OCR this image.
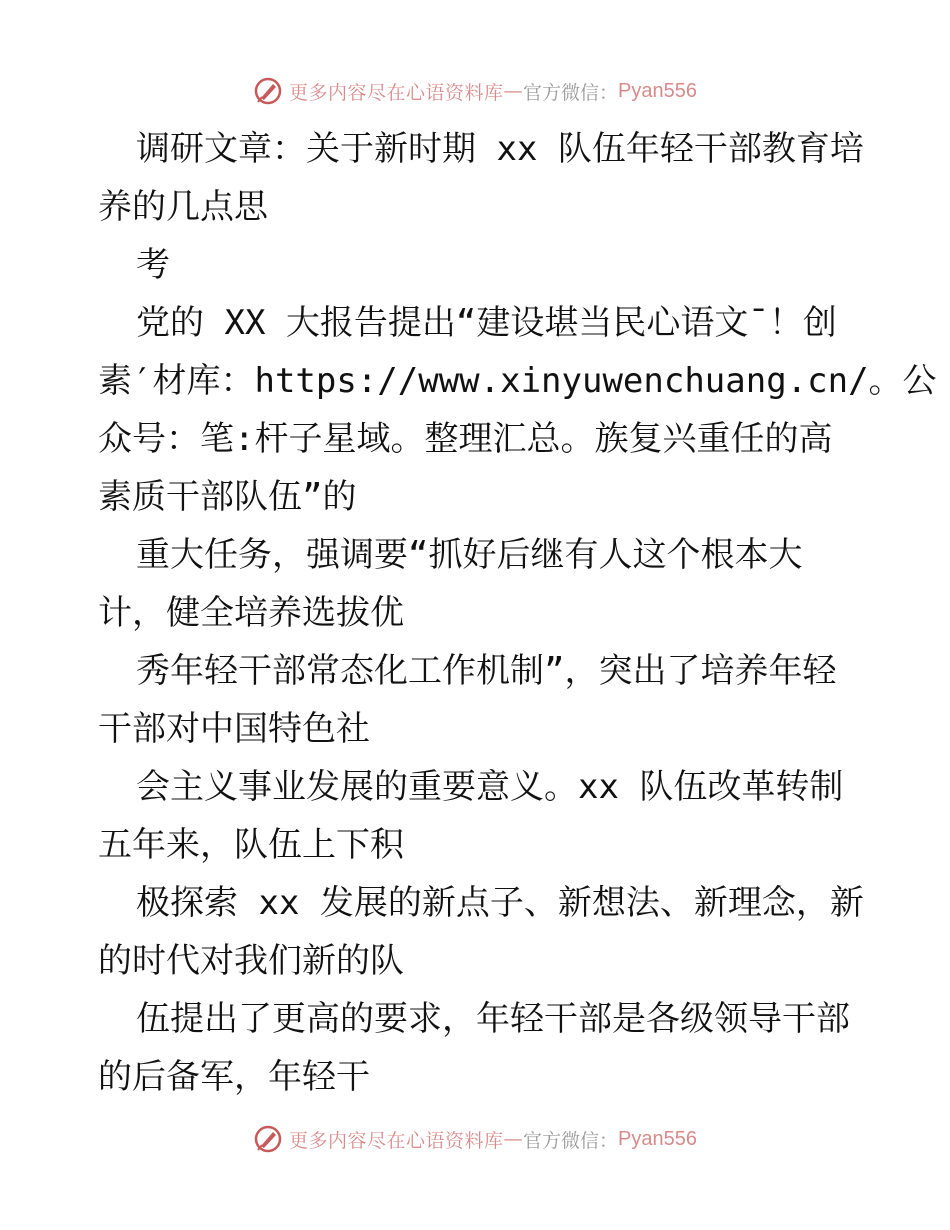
更多内容尽在心语资料库 — 官方微信： Pyan556
调研文章：关于新时期 xx 队伍年轻干部教育培
养的几点思
考
党的 XX 大报告提出“建设堪当民心语文¯！创
素′材库：https://www.xinyuwenchuang.cn/。公
众号：笔:杆子星域。整理汇总。族复兴重任的高
素质干部队伍”的
重大任务，强调要“抓好后继有人这个根本大
计，健全培养选拔优
秀年轻干部常态化工作机制”，突出了培养年轻
干部对中国特色社
会主义事业发展的重要意义。xx 队伍改革转制
五年来，队伍上下积
极探索 xx 发展的新点子、新想法、新理念，新
的时代对我们新的队
伍提出了更高的要求，年轻干部是各级领导干部
的后备军，年轻干
更多内容尽在心语资料库 — 官方微信： Pyan556
